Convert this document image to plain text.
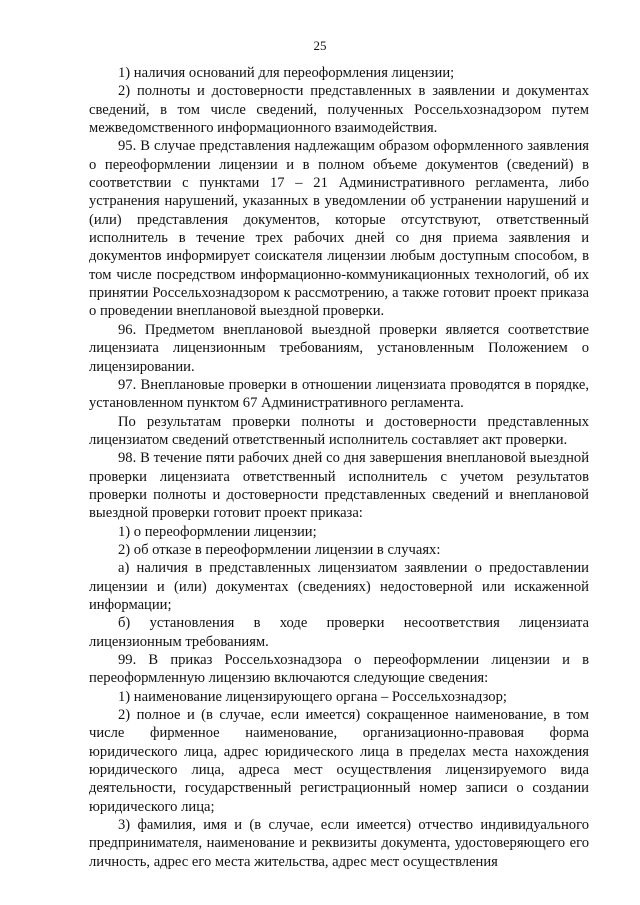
25

1) наличия оснований для переоформления лицензии;

2) полноты и достоверности представленных в заявлении и документах сведений, в том числе сведений, полученных Россельхознадзором путем межведомственного информационного взаимодействия.

95. В случае представления надлежащим образом оформленного заявления о переоформлении лицензии и в полном объеме документов (сведений) в соответствии с пунктами 17 – 21 Административного регламента, либо устранения нарушений, указанных в уведомлении об устранении нарушений и (или) представления документов, которые отсутствуют, ответственный исполнитель в течение трех рабочих дней со дня приема заявления и документов информирует соискателя лицензии любым доступным способом, в том числе посредством информационно-коммуникационных технологий, об их принятии Россельхознадзором к рассмотрению, а также готовит проект приказа о проведении внеплановой выездной проверки.

96. Предметом внеплановой выездной проверки является соответствие лицензиата лицензионным требованиям, установленным Положением о лицензировании.

97. Внеплановые проверки в отношении лицензиата проводятся в порядке, установленном пунктом 67 Административного регламента.

По результатам проверки полноты и достоверности представленных лицензиатом сведений ответственный исполнитель составляет акт проверки.

98. В течение пяти рабочих дней со дня завершения внеплановой выездной проверки лицензиата ответственный исполнитель с учетом результатов проверки полноты и достоверности представленных сведений и внеплановой выездной проверки готовит проект приказа:

1) о переоформлении лицензии;

2) об отказе в переоформлении лицензии в случаях:

а) наличия в представленных лицензиатом заявлении о предоставлении лицензии и (или) документах (сведениях) недостоверной или искаженной информации;

б) установления в ходе проверки несоответствия лицензиата лицензионным требованиям.

99. В приказ Россельхознадзора о переоформлении лицензии и в переоформленную лицензию включаются следующие сведения:

1) наименование лицензирующего органа – Россельхознадзор;

2) полное и (в случае, если имеется) сокращенное наименование, в том числе фирменное наименование, организационно-правовая форма юридического лица, адрес юридического лица в пределах места нахождения юридического лица, адреса мест осуществления лицензируемого вида деятельности, государственный регистрационный номер записи о создании юридического лица;

3) фамилия, имя и (в случае, если имеется) отчество индивидуального предпринимателя, наименование и реквизиты документа, удостоверяющего его личность, адрес его места жительства, адрес мест осуществления
